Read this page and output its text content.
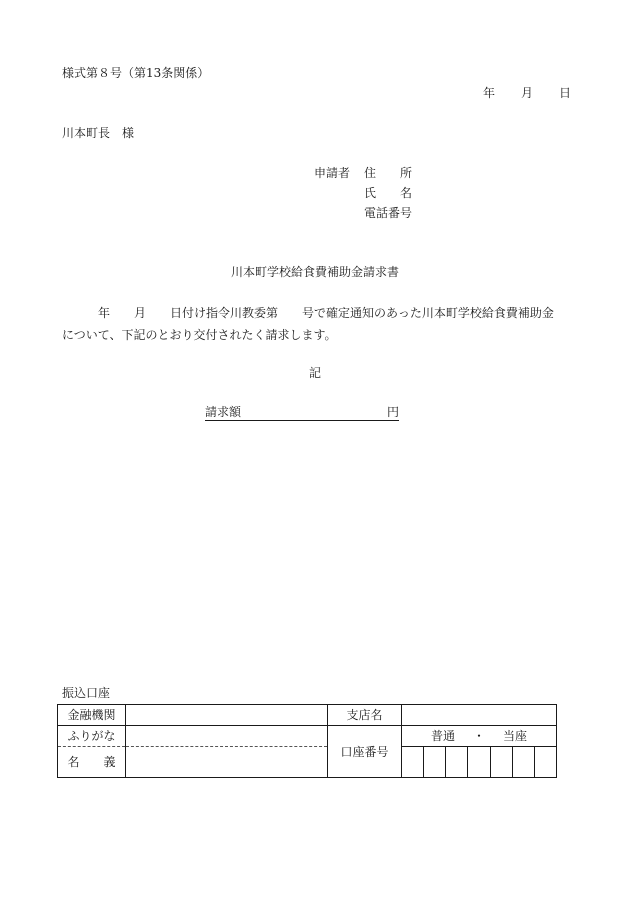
様式第８号（第13条関係）
年 月 日
川本町長　様
申請者 住　　所
氏　　名
電話番号
川本町学校給食費補助金請求書
　　　年　　月　　日付け指令川教委第　　号で確定通知のあった川本町学校給食費補助金
について、下記のとおり交付されたく請求します。
記
請求額	円
振込口座
金融機関		支店名	
ふりがな		口座番号	普通 ・ 当座

名　　義			
